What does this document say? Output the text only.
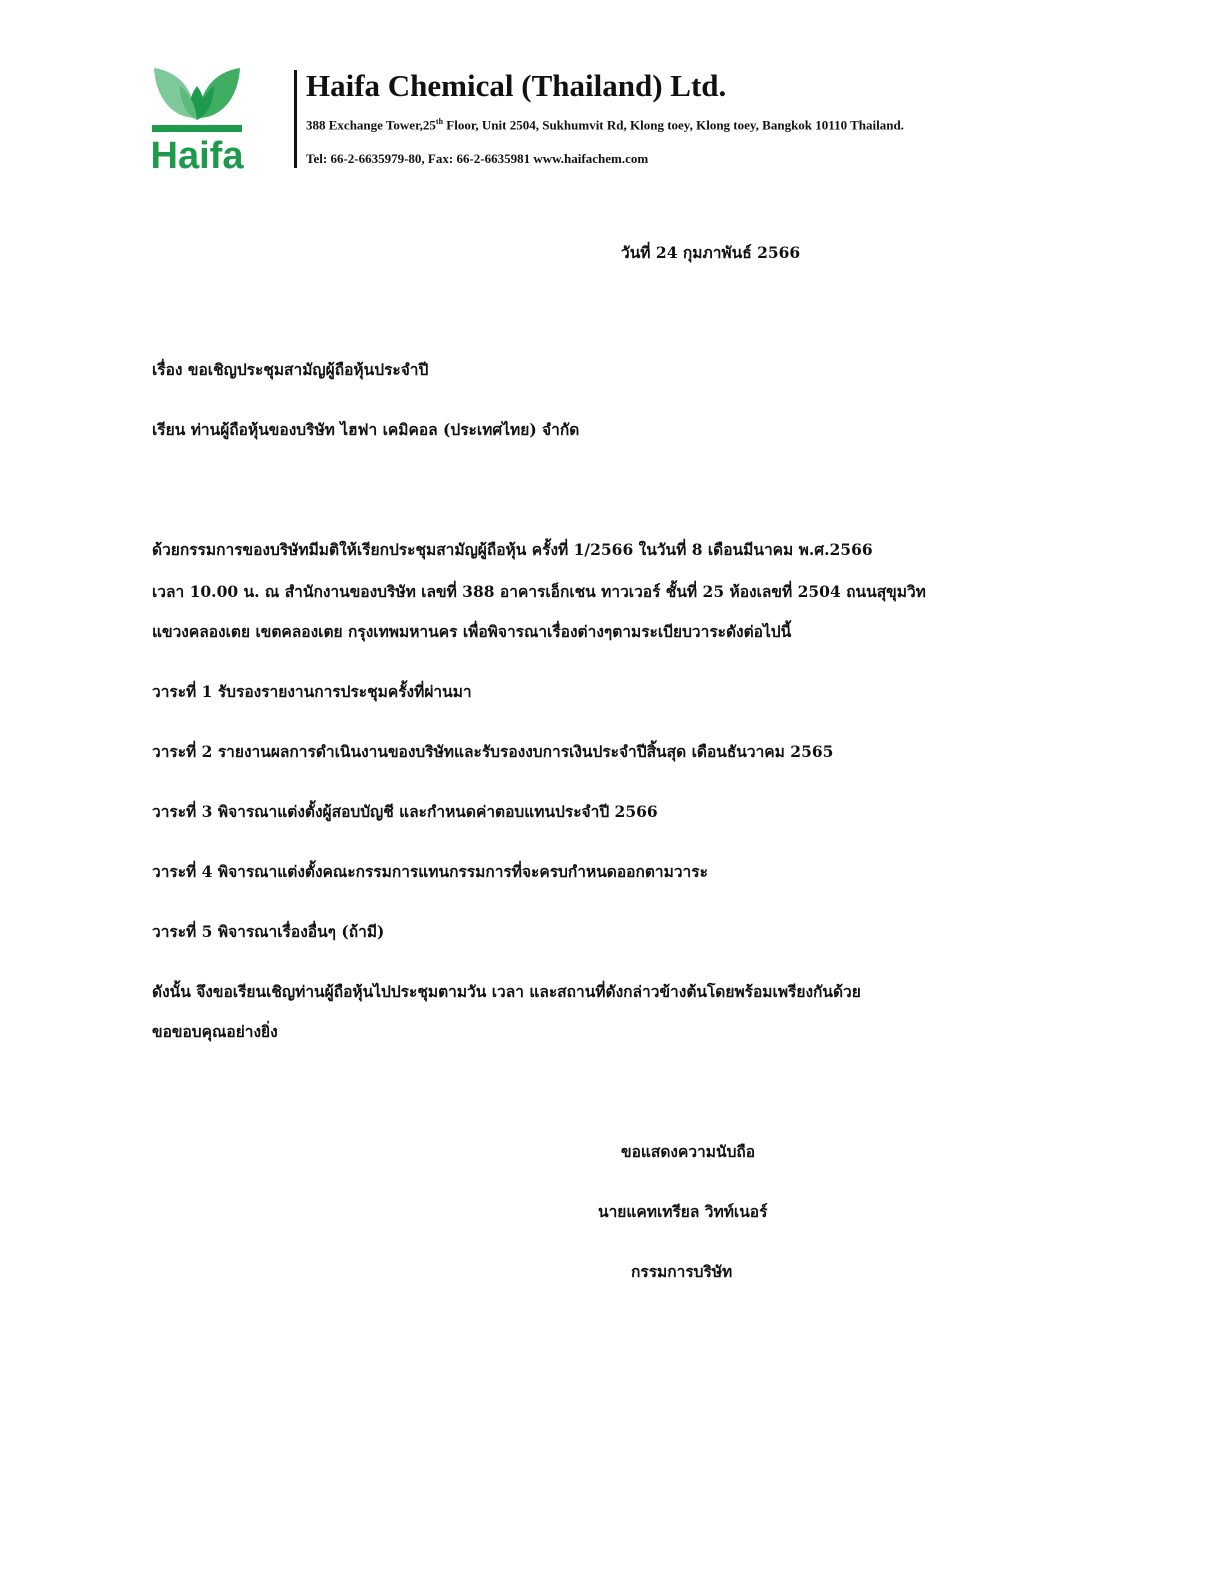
Haifa
Haifa Chemical (Thailand) Ltd.
388 Exchange Tower,25th Floor, Unit 2504, Sukhumvit Rd, Klong toey, Klong toey, Bangkok 10110 Thailand.
Tel: 66-2-6635979-80, Fax: 66-2-6635981 www.haifachem.com
วันที่ 24 กุมภาพันธ์ 2566
เรื่อง ขอเชิญประชุมสามัญผู้ถือหุ้นประจำปี
เรียน ท่านผู้ถือหุ้นของบริษัท ไฮฟา เคมิคอล (ประเทศไทย) จำกัด
ด้วยกรรมการของบริษัทมีมติให้เรียกประชุมสามัญผู้ถือหุ้น ครั้งที่ 1/2566 ในวันที่ 8 เดือนมีนาคม พ.ศ.2566
เวลา 10.00 น. ณ สำนักงานของบริษัท เลขที่ 388 อาคารเอ็กเชน ทาวเวอร์ ชั้นที่ 25 ห้องเลขที่ 2504 ถนนสุขุมวิท
แขวงคลองเตย เขตคลองเตย กรุงเทพมหานคร เพื่อพิจารณาเรื่องต่างๆตามระเบียบวาระดังต่อไปนี้
วาระที่ 1 รับรองรายงานการประชุมครั้งที่ผ่านมา
วาระที่ 2 รายงานผลการดำเนินงานของบริษัทและรับรองงบการเงินประจำปีสิ้นสุด เดือนธันวาคม 2565
วาระที่ 3 พิจารณาแต่งตั้งผู้สอบบัญชี และกำหนดค่าตอบแทนประจำปี 2566
วาระที่ 4 พิจารณาแต่งตั้งคณะกรรมการแทนกรรมการที่จะครบกำหนดออกตามวาระ
วาระที่ 5 พิจารณาเรื่องอื่นๆ (ถ้ามี)
ดังนั้น จึงขอเรียนเชิญท่านผู้ถือหุ้นไปประชุมตามวัน เวลา และสถานที่ดังกล่าวข้างต้นโดยพร้อมเพรียงกันด้วย
ขอขอบคุณอย่างยิ่ง
ขอแสดงความนับถือ
นายแคทเทรียล วิทท์เนอร์
กรรมการบริษัท
